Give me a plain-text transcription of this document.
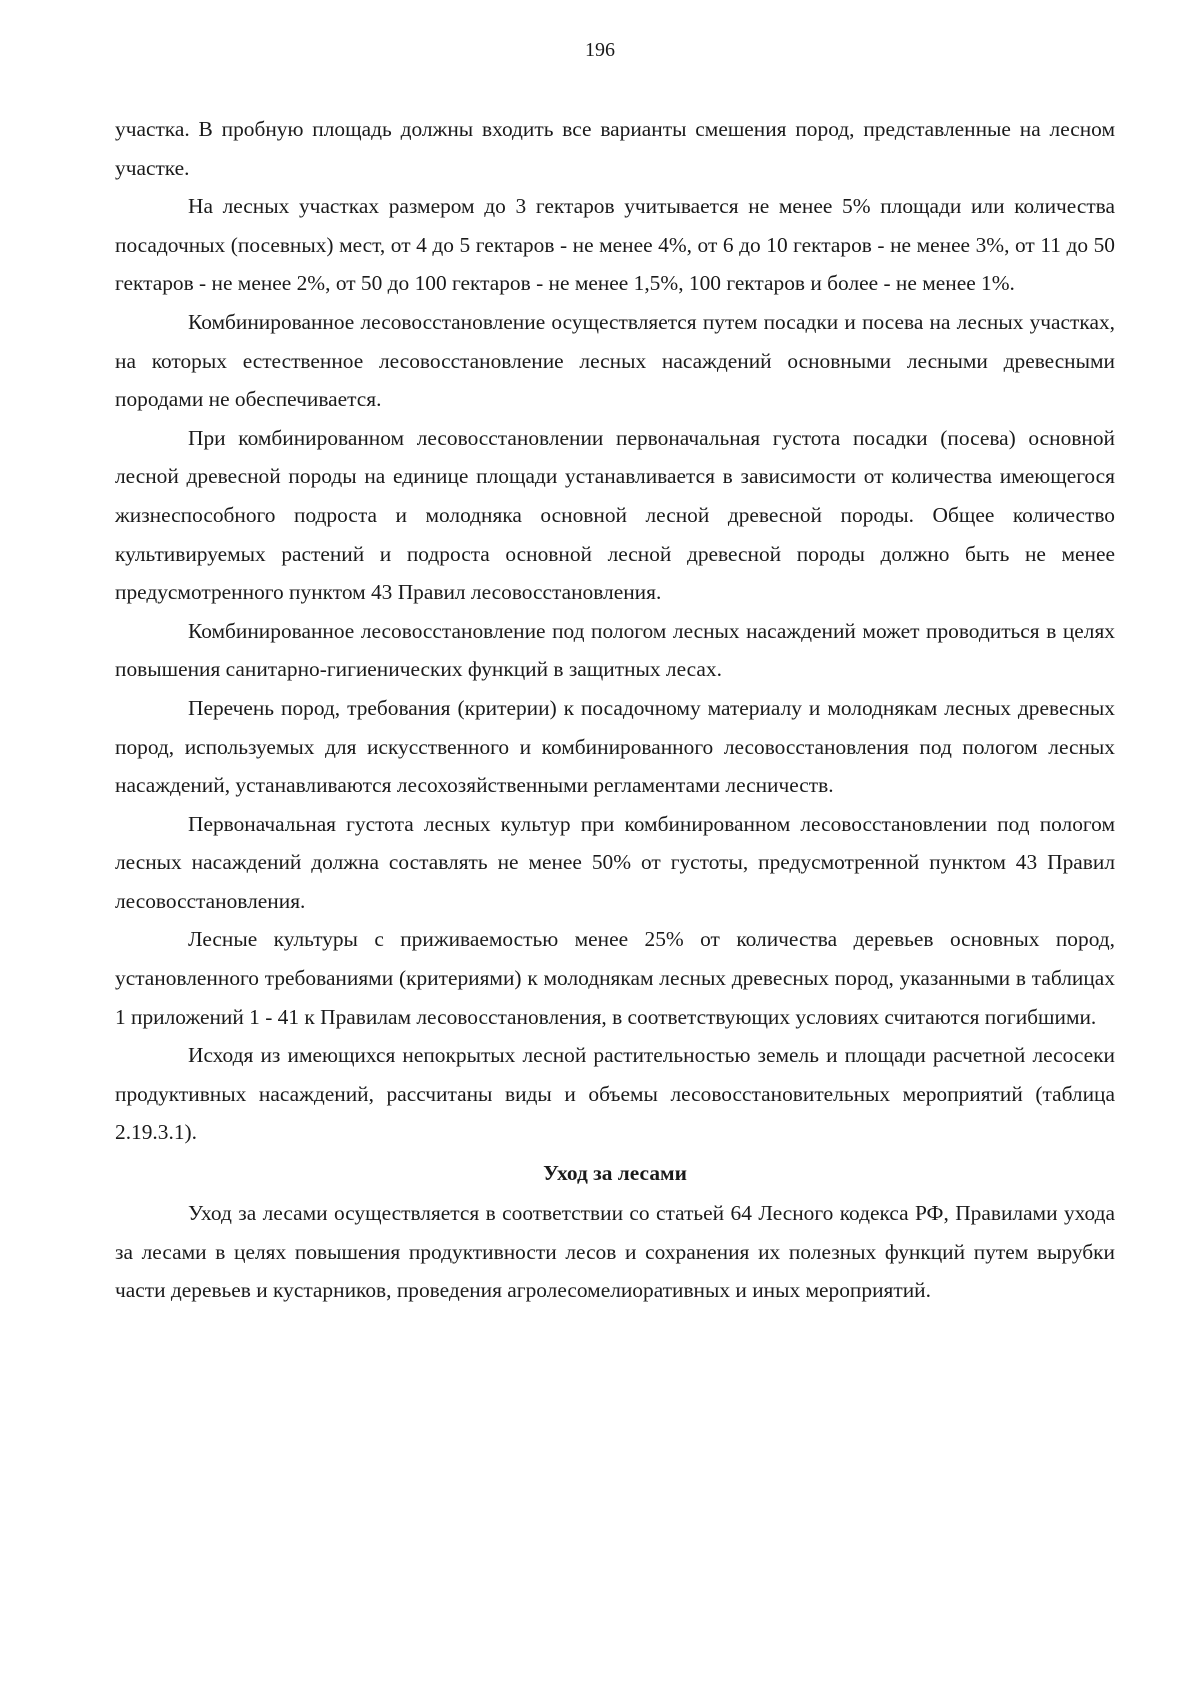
196

участка. В пробную площадь должны входить все варианты смешения пород, представленные на лесном участке.

На лесных участках размером до 3 гектаров учитывается не менее 5% площади или количества посадочных (посевных) мест, от 4 до 5 гектаров - не менее 4%, от 6 до 10 гектаров - не менее 3%, от 11 до 50 гектаров - не менее 2%, от 50 до 100 гектаров - не менее 1,5%, 100 гектаров и более - не менее 1%.

Комбинированное лесовосстановление осуществляется путем посадки и посева на лесных участках, на которых естественное лесовосстановление лесных насаждений основными лесными древесными породами не обеспечивается.

При комбинированном лесовосстановлении первоначальная густота посадки (посева) основной лесной древесной породы на единице площади устанавливается в зависимости от количества имеющегося жизнеспособного подроста и молодняка основной лесной древесной породы. Общее количество культивируемых растений и подроста основной лесной древесной породы должно быть не менее предусмотренного пунктом 43 Правил лесовосстановления.

Комбинированное лесовосстановление под пологом лесных насаждений может проводиться в целях повышения санитарно-гигиенических функций в защитных лесах.

Перечень пород, требования (критерии) к посадочному материалу и молоднякам лесных древесных пород, используемых для искусственного и комбинированного лесовосстановления под пологом лесных насаждений, устанавливаются лесохозяйственными регламентами лесничеств.

Первоначальная густота лесных культур при комбинированном лесовосстановлении под пологом лесных насаждений должна составлять не менее 50% от густоты, предусмотренной пунктом 43 Правил лесовосстановления.

Лесные культуры с приживаемостью менее 25% от количества деревьев основных пород, установленного требованиями (критериями) к молоднякам лесных древесных пород, указанными в таблицах 1 приложений 1 - 41 к Правилам лесовосстановления, в соответствующих условиях считаются погибшими.

Исходя из имеющихся непокрытых лесной растительностью земель и площади расчетной лесосеки продуктивных насаждений, рассчитаны виды и объемы лесовосстановительных мероприятий (таблица 2.19.3.1).

Уход за лесами

Уход за лесами осуществляется в соответствии со статьей 64 Лесного кодекса РФ, Правилами ухода за лесами в целях повышения продуктивности лесов и сохранения их полезных функций путем вырубки части деревьев и кустарников, проведения агролесомелиоративных и иных мероприятий.
